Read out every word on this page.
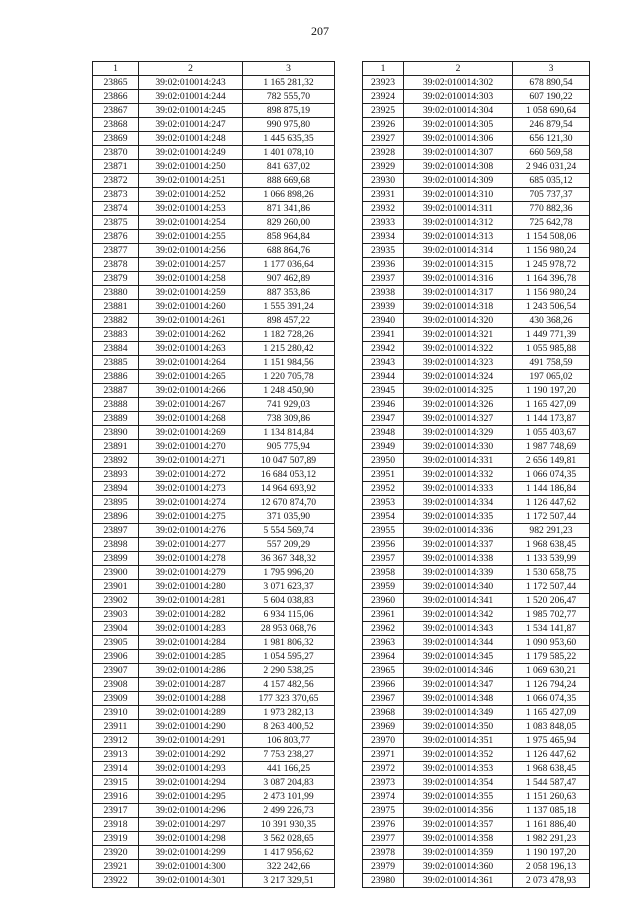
207
1	2	3
23865	39:02:010014:243	1 165 281,32
23866	39:02:010014:244	782 555,70
23867	39:02:010014:245	898 875,19
23868	39:02:010014:247	990 975,80
23869	39:02:010014:248	1 445 635,35
23870	39:02:010014:249	1 401 078,10
23871	39:02:010014:250	841 637,02
23872	39:02:010014:251	888 669,68
23873	39:02:010014:252	1 066 898,26
23874	39:02:010014:253	871 341,86
23875	39:02:010014:254	829 260,00
23876	39:02:010014:255	858 964,84
23877	39:02:010014:256	688 864,76
23878	39:02:010014:257	1 177 036,64
23879	39:02:010014:258	907 462,89
23880	39:02:010014:259	887 353,86
23881	39:02:010014:260	1 555 391,24
23882	39:02:010014:261	898 457,22
23883	39:02:010014:262	1 182 728,26
23884	39:02:010014:263	1 215 280,42
23885	39:02:010014:264	1 151 984,56
23886	39:02:010014:265	1 220 705,78
23887	39:02:010014:266	1 248 450,90
23888	39:02:010014:267	741 929,03
23889	39:02:010014:268	738 309,86
23890	39:02:010014:269	1 134 814,84
23891	39:02:010014:270	905 775,94
23892	39:02:010014:271	10 047 507,89
23893	39:02:010014:272	16 684 053,12
23894	39:02:010014:273	14 964 693,92
23895	39:02:010014:274	12 670 874,70
23896	39:02:010014:275	371 035,90
23897	39:02:010014:276	5 554 569,74
23898	39:02:010014:277	557 209,29
23899	39:02:010014:278	36 367 348,32
23900	39:02:010014:279	1 795 996,20
23901	39:02:010014:280	3 071 623,37
23902	39:02:010014:281	5 604 038,83
23903	39:02:010014:282	6 934 115,06
23904	39:02:010014:283	28 953 068,76
23905	39:02:010014:284	1 981 806,32
23906	39:02:010014:285	1 054 595,27
23907	39:02:010014:286	2 290 538,25
23908	39:02:010014:287	4 157 482,56
23909	39:02:010014:288	177 323 370,65
23910	39:02:010014:289	1 973 282,13
23911	39:02:010014:290	8 263 400,52
23912	39:02:010014:291	106 803,77
23913	39:02:010014:292	7 753 238,27
23914	39:02:010014:293	441 166,25
23915	39:02:010014:294	3 087 204,83
23916	39:02:010014:295	2 473 101,99
23917	39:02:010014:296	2 499 226,73
23918	39:02:010014:297	10 391 930,35
23919	39:02:010014:298	3 562 028,65
23920	39:02:010014:299	1 417 956,62
23921	39:02:010014:300	322 242,66
23922	39:02:010014:301	3 217 329,51
1	2	3
23923	39:02:010014:302	678 890,54
23924	39:02:010014:303	607 190,22
23925	39:02:010014:304	1 058 690,64
23926	39:02:010014:305	246 879,54
23927	39:02:010014:306	656 121,30
23928	39:02:010014:307	660 569,58
23929	39:02:010014:308	2 946 031,24
23930	39:02:010014:309	685 035,12
23931	39:02:010014:310	705 737,37
23932	39:02:010014:311	770 882,36
23933	39:02:010014:312	725 642,78
23934	39:02:010014:313	1 154 508,06
23935	39:02:010014:314	1 156 980,24
23936	39:02:010014:315	1 245 978,72
23937	39:02:010014:316	1 164 396,78
23938	39:02:010014:317	1 156 980,24
23939	39:02:010014:318	1 243 506,54
23940	39:02:010014:320	430 368,26
23941	39:02:010014:321	1 449 771,39
23942	39:02:010014:322	1 055 985,88
23943	39:02:010014:323	491 758,59
23944	39:02:010014:324	197 065,02
23945	39:02:010014:325	1 190 197,20
23946	39:02:010014:326	1 165 427,09
23947	39:02:010014:327	1 144 173,87
23948	39:02:010014:329	1 055 403,67
23949	39:02:010014:330	1 987 748,69
23950	39:02:010014:331	2 656 149,81
23951	39:02:010014:332	1 066 074,35
23952	39:02:010014:333	1 144 186,84
23953	39:02:010014:334	1 126 447,62
23954	39:02:010014:335	1 172 507,44
23955	39:02:010014:336	982 291,23
23956	39:02:010014:337	1 968 638,45
23957	39:02:010014:338	1 133 539,99
23958	39:02:010014:339	1 530 658,75
23959	39:02:010014:340	1 172 507,44
23960	39:02:010014:341	1 520 206,47
23961	39:02:010014:342	1 985 702,77
23962	39:02:010014:343	1 534 141,87
23963	39:02:010014:344	1 090 953,60
23964	39:02:010014:345	1 179 585,22
23965	39:02:010014:346	1 069 630,21
23966	39:02:010014:347	1 126 794,24
23967	39:02:010014:348	1 066 074,35
23968	39:02:010014:349	1 165 427,09
23969	39:02:010014:350	1 083 848,05
23970	39:02:010014:351	1 975 465,94
23971	39:02:010014:352	1 126 447,62
23972	39:02:010014:353	1 968 638,45
23973	39:02:010014:354	1 544 587,47
23974	39:02:010014:355	1 151 260,63
23975	39:02:010014:356	1 137 085,18
23976	39:02:010014:357	1 161 886,40
23977	39:02:010014:358	1 982 291,23
23978	39:02:010014:359	1 190 197,20
23979	39:02:010014:360	2 058 196,13
23980	39:02:010014:361	2 073 478,93
